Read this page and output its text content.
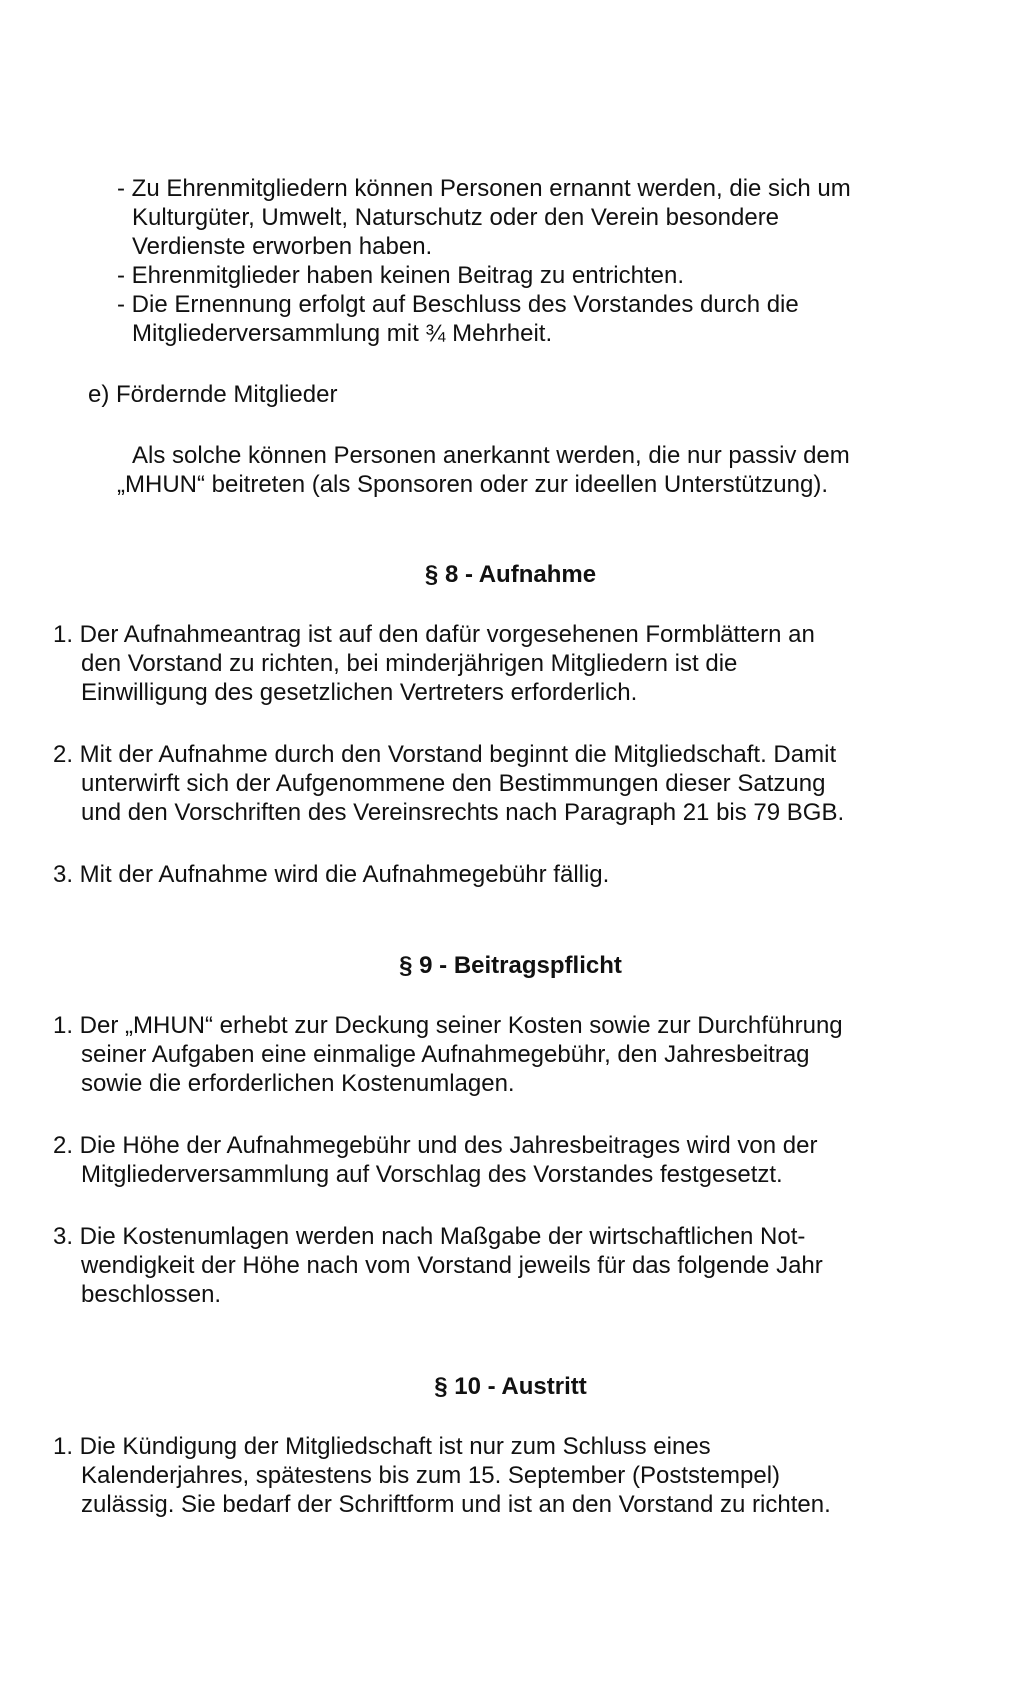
- Zu Ehrenmitgliedern können Personen ernannt werden, die sich um
Kulturgüter, Umwelt, Naturschutz oder den Verein besondere
Verdienste erworben haben.
- Ehrenmitglieder haben keinen Beitrag zu entrichten.
- Die Ernennung erfolgt auf Beschluss des Vorstandes durch die
Mitgliederversammlung mit ¾ Mehrheit.
e) Fördernde Mitglieder
Als solche können Personen anerkannt werden, die nur passiv dem
„MHUN“ beitreten (als Sponsoren oder zur ideellen Unterstützung).
§ 8 - Aufnahme
1. Der Aufnahmeantrag ist auf den dafür vorgesehenen Formblättern an
den Vorstand zu richten, bei minderjährigen Mitgliedern ist die
Einwilligung des gesetzlichen Vertreters erforderlich.
2. Mit der Aufnahme durch den Vorstand beginnt die Mitgliedschaft. Damit
unterwirft sich der Aufgenommene den Bestimmungen dieser Satzung
und den Vorschriften des Vereinsrechts nach Paragraph 21 bis 79 BGB.
3. Mit der Aufnahme wird die Aufnahmegebühr fällig.
§ 9 - Beitragspflicht
1. Der „MHUN“ erhebt zur Deckung seiner Kosten sowie zur Durchführung
seiner Aufgaben eine einmalige Aufnahmegebühr, den Jahresbeitrag
sowie die erforderlichen Kostenumlagen.
2. Die Höhe der Aufnahmegebühr und des Jahresbeitrages wird von der
Mitgliederversammlung auf Vorschlag des Vorstandes festgesetzt.
3. Die Kostenumlagen werden nach Maßgabe der wirtschaftlichen Not-
wendigkeit der Höhe nach vom Vorstand jeweils für das folgende Jahr
beschlossen.
§ 10 - Austritt
1. Die Kündigung der Mitgliedschaft ist nur zum Schluss eines
Kalenderjahres, spätestens bis zum 15. September (Poststempel)
zulässig. Sie bedarf der Schriftform und ist an den Vorstand zu richten.
